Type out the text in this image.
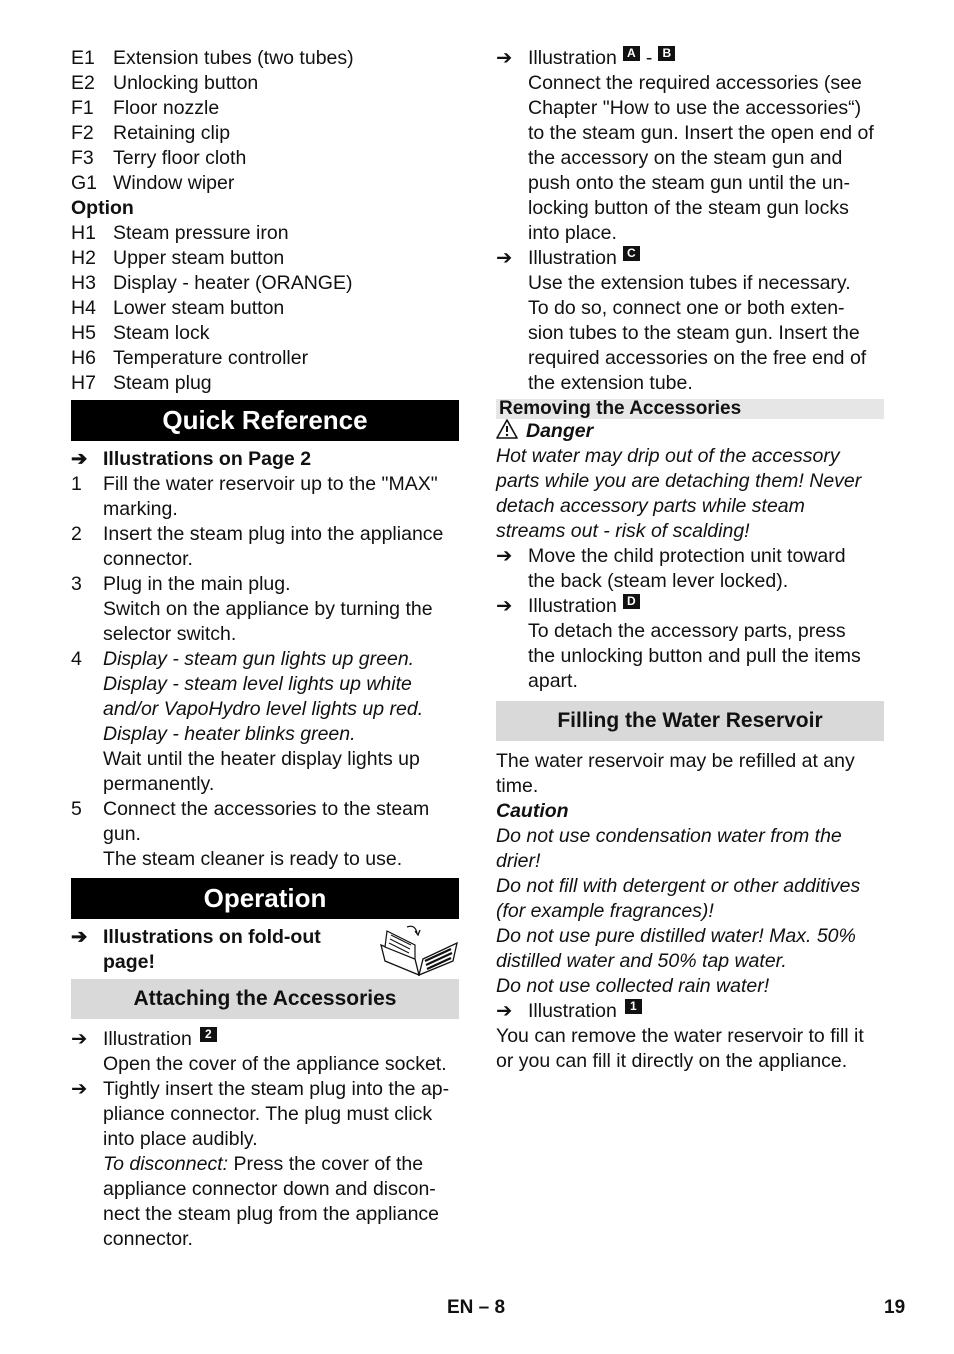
E1 Extension tubes (two tubes)
E2 Unlocking button
F1 Floor nozzle
F2 Retaining clip
F3 Terry floor cloth
G1 Window wiper
Option
H1 Steam pressure iron
H2 Upper steam button
H3 Display - heater (ORANGE)
H4 Lower steam button
H5 Steam lock
H6 Temperature controller
H7 Steam plug
Quick Reference
➔ Illustrations on Page 2
1	Fill the water reservoir up to the "MAX"
marking.
2	Insert the steam plug into the appliance
connector.
3	Plug in the main plug.
Switch on the appliance by turning the
selector switch.
4	Display - steam gun lights up green.
Display - steam level lights up white
and/or VapoHydro level lights up red.
Display - heater blinks green.
Wait until the heater display lights up
permanently.
5	Connect the accessories to the steam
gun.
The steam cleaner is ready to use.
Operation
➔ Illustrations on fold-out
page!
Attaching the Accessories
➔ Illustration	2
Open the cover of the appliance socket.
➔ Tightly insert the steam plug into the ap-
pliance connector. The plug must click
into place audibly.
To disconnect: Press the cover of the
appliance connector down and discon-
nect the steam plug from the appliance
connector.
➔ Illustration A - B
Connect the required accessories (see
Chapter "How to use the accessories“)
to the steam gun. Insert the open end of
the accessory on the steam gun and
push onto the steam gun until the un-
locking button of the steam gun locks
into place.
➔ Illustration C
Use the extension tubes if necessary.
To do so, connect one or both exten-
sion tubes to the steam gun. Insert the
required accessories on the free end of
the extension tube.
Removing the Accessories
Danger
Hot water may drip out of the accessory
parts while you are detaching them! Never
detach accessory parts while steam
streams out - risk of scalding!
➔ Move the child protection unit toward
the back (steam lever locked).
➔ Illustration D
To detach the accessory parts, press
the unlocking button and pull the items
apart.
Filling the Water Reservoir
The water reservoir may be refilled at any
time.
Caution
Do not use condensation water from the
drier!
Do not fill with detergent or other additives
(for example fragrances)!
Do not use pure distilled water! Max. 50%
distilled water and 50% tap water.
Do not use collected rain water!
➔ Illustration	1
You can remove the water reservoir to fill it
or you can fill it directly on the appliance.
EN – 8	19
